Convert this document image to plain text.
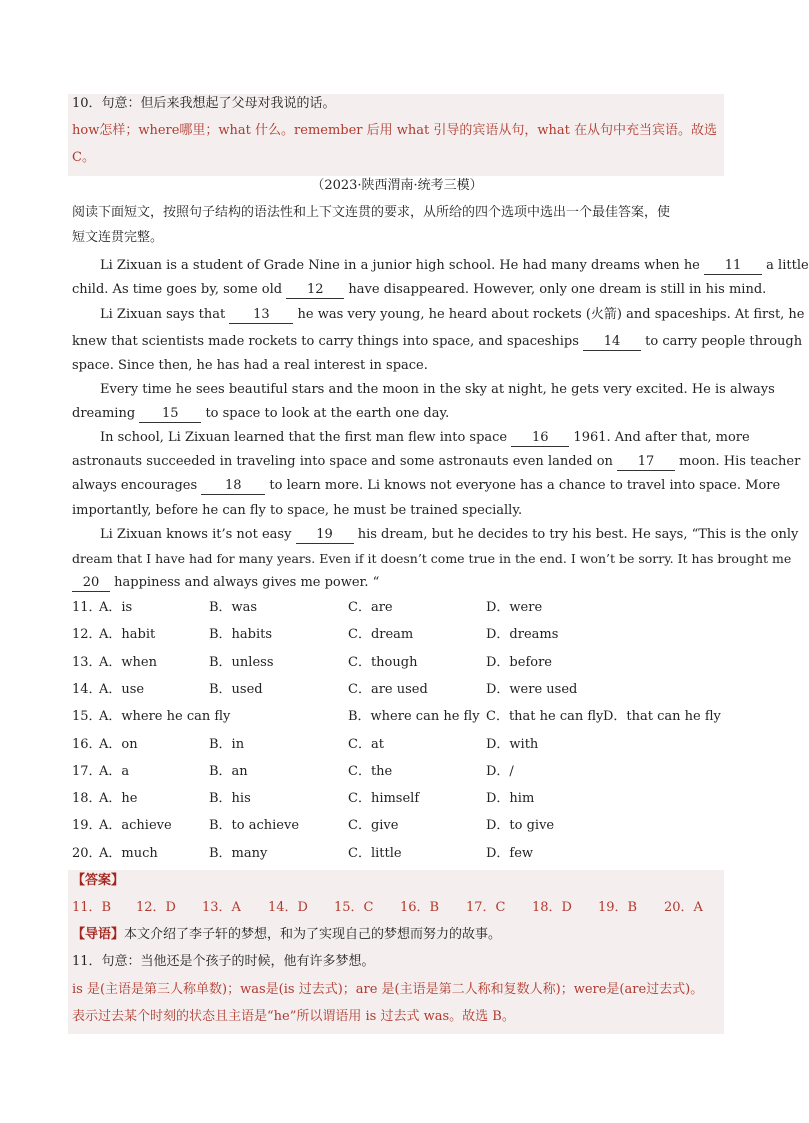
10．句意：但后来我想起了父母对我说的话。
how怎样；where哪里；what 什么。remember 后用 what 引导的宾语从句，what 在从句中充当宾语。故选
C。
（2023·陕西渭南·统考三模）
阅读下面短文，按照句子结构的语法性和上下文连贯的要求，从所给的四个选项中选出一个最佳答案，使
短文连贯完整。
Li Zixuan is a student of Grade Nine in a junior high school. He had many dreams when he 11 a little
child. As time goes by, some old 12 have disappeared. However, only one dream is still in his mind.
Li Zixuan says that 13 he was very young, he heard about rockets (火箭) and spaceships. At first, he
knew that scientists made rockets to carry things into space, and spaceships 14 to carry people through
space. Since then, he has had a real interest in space.
Every time he sees beautiful stars and the moon in the sky at night, he gets very excited. He is always
dreaming 15 to space to look at the earth one day.
In school, Li Zixuan learned that the first man flew into space 16 1961. And after that, more
astronauts succeeded in traveling into space and some astronauts even landed on 17 moon. His teacher
always encourages 18 to learn more. Li knows not everyone has a chance to travel into space. More
importantly, before he can fly to space, he must be trained specially.
Li Zixuan knows it’s not easy 19 his dream, but he decides to try his best. He says, “This is the only
dream that I have had for many years. Even if it doesn’t come true in the end. I won’t be sorry. It has brought me
20 happiness and always gives me power. “
11．
A．is	B．was	C．are	D．were
12．
A．habit	B．habits	C．dream	D．dreams
13．
A．when	B．unless	C．though	D．before
14．
A．use	B．used	C．are used	D．were used
15．
A．where he can fly	B．where can he fly C．that he can fly D．that can he fly
16．
A．on	B．in	C．at	D．with
17．
A．a	B．an	C．the	D．/
18．
A．he	B．his	C．himself	D．him
19．
A．achieve	B．to achieve	C．give	D．to give
20．
A．much	B．many	C．little	D．few
【答案】
11．B 12．D 13．A 14．D 15．C 16．B 17．C 18．D 19．B 20．A
【导语】本文介绍了李子轩的梦想，和为了实现自己的梦想而努力的故事。
11．句意：当他还是个孩子的时候，他有许多梦想。
is 是(主语是第三人称单数)；was是(is 过去式)；are 是(主语是第二人称和复数人称)；were是(are过去式)。
表示过去某个时刻的状态且主语是“he”所以谓语用 is 过去式 was。故选 B。
